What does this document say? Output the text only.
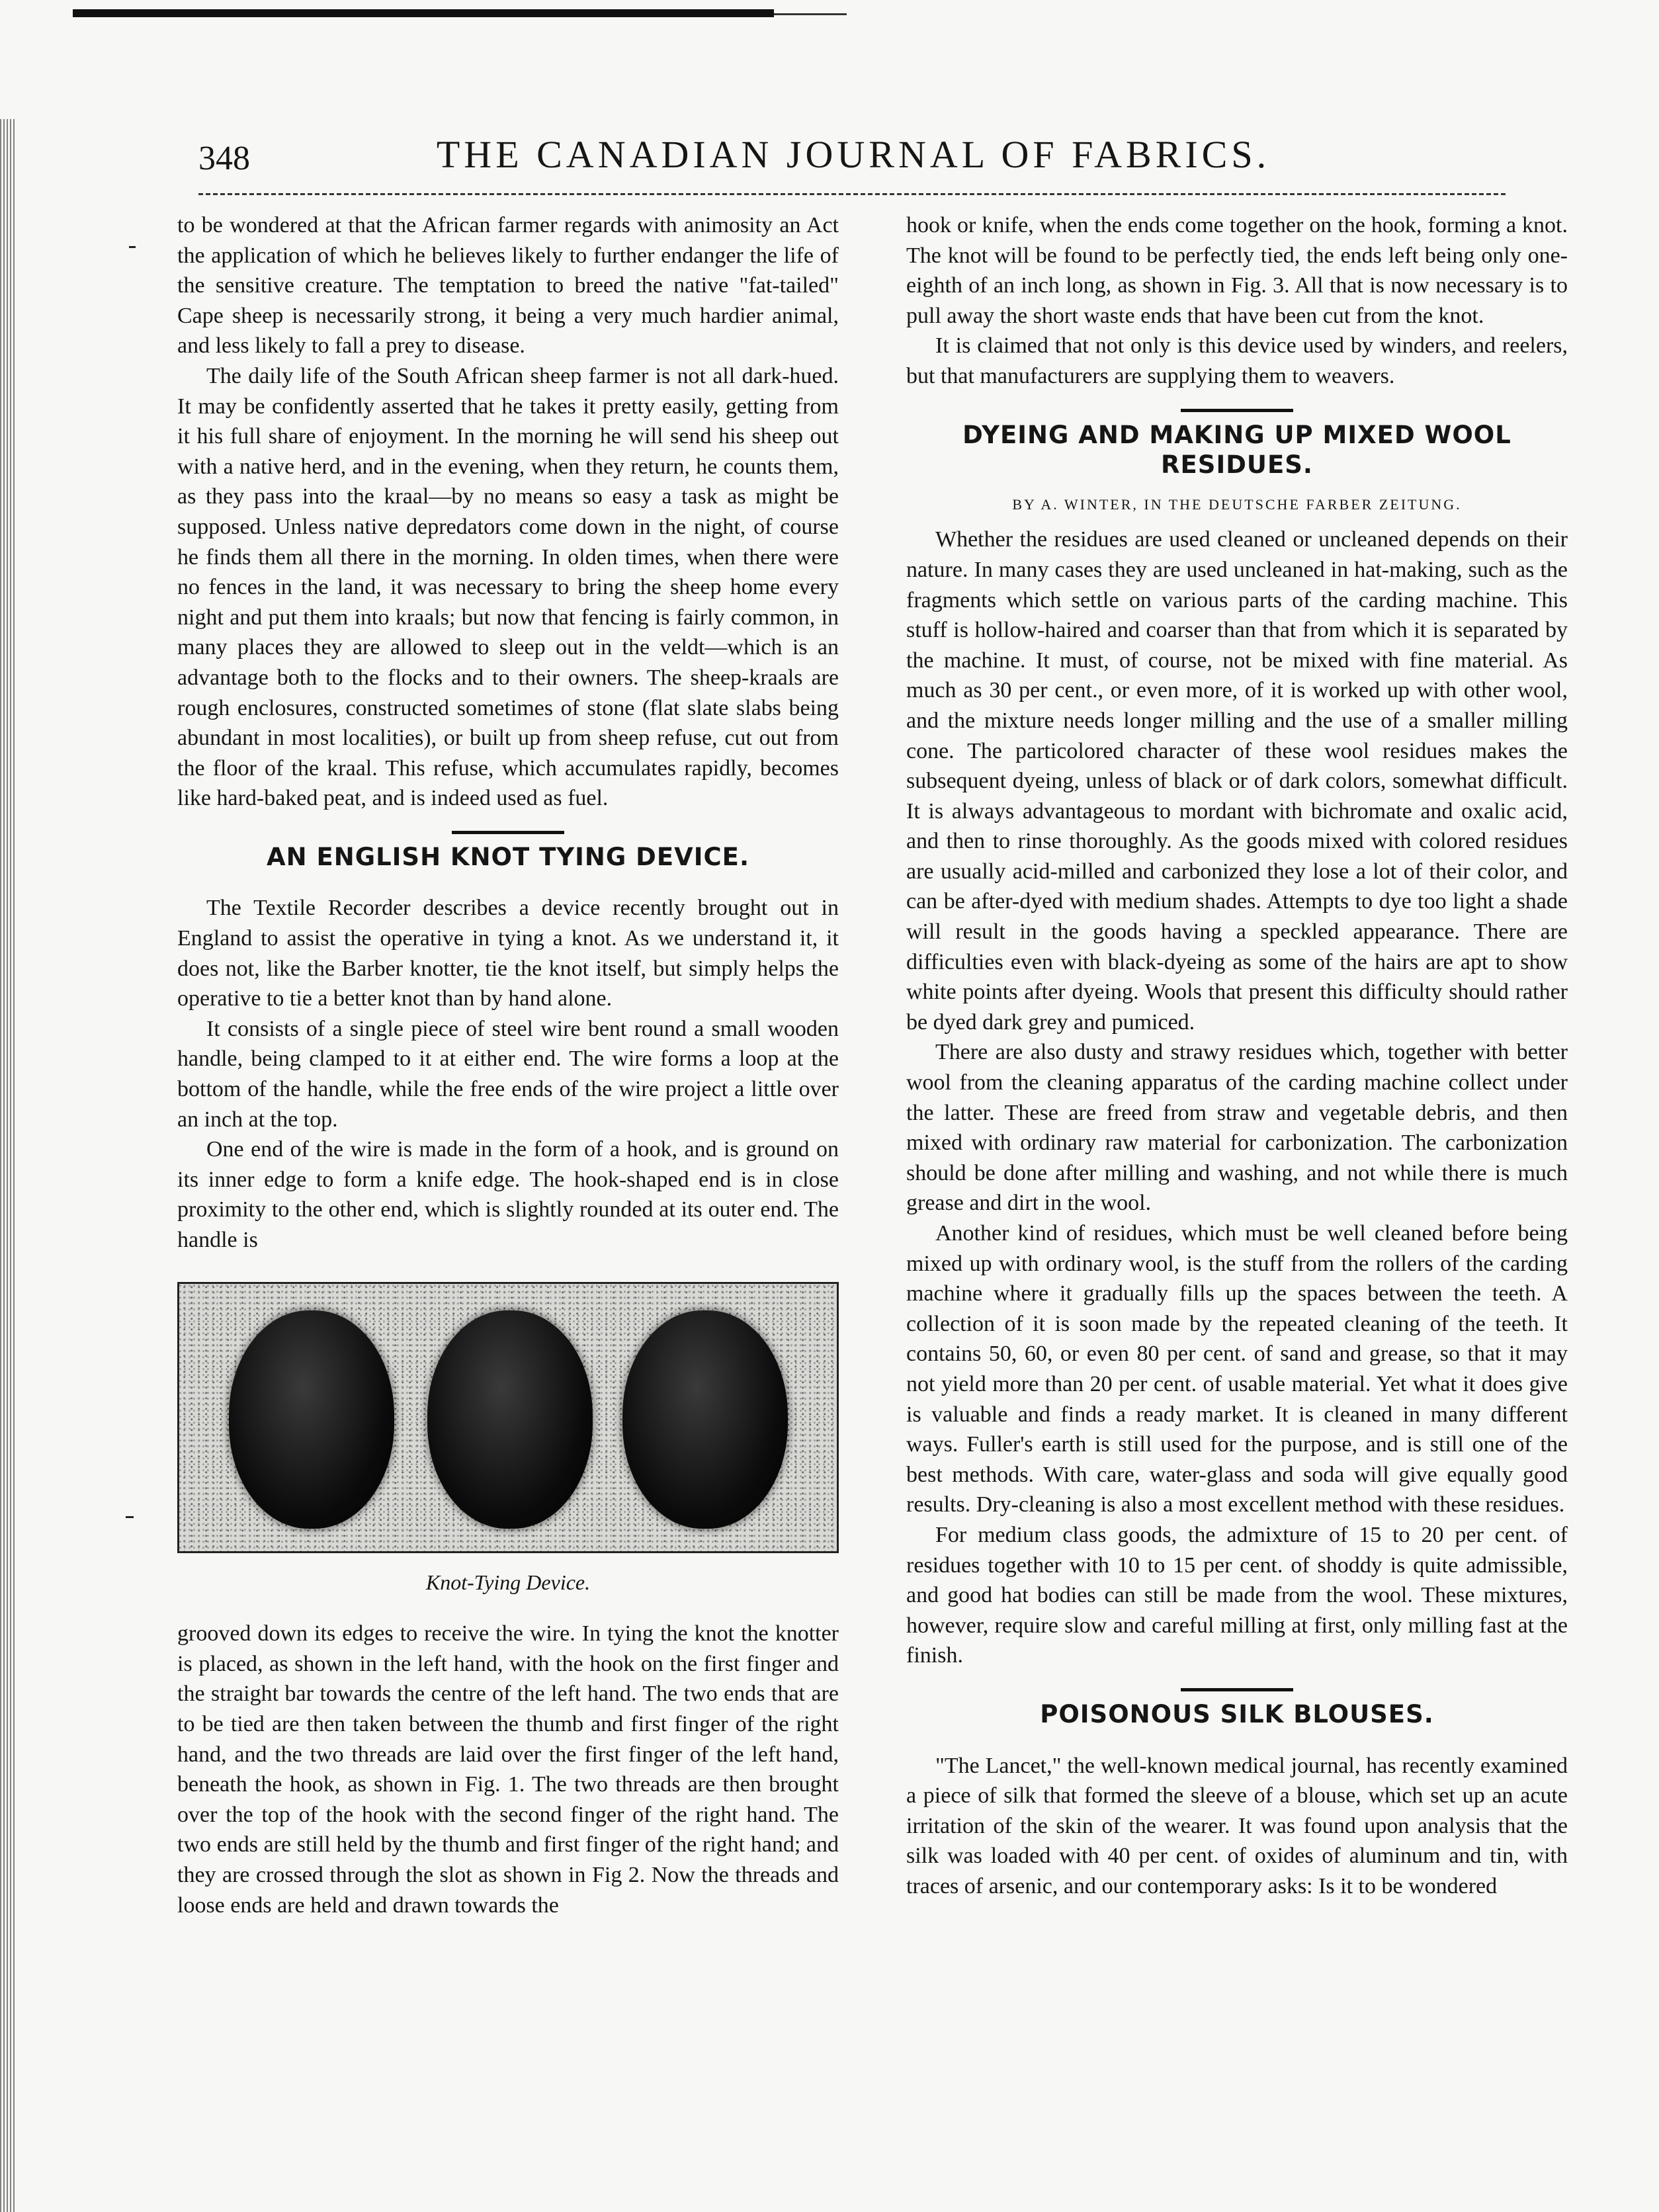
348	THE CANADIAN JOURNAL OF FABRICS.

to be wondered at that the African farmer regards with animosity an Act the application of which he believes likely to further endanger the life of the sensitive creature. The temptation to breed the native "fat-tailed" Cape sheep is necessarily strong, it being a very much hardier animal, and less likely to fall a prey to disease.

The daily life of the South African sheep farmer is not all dark-hued. It may be confidently asserted that he takes it pretty easily, getting from it his full share of enjoyment. In the morning he will send his sheep out with a native herd, and in the evening, when they return, he counts them, as they pass into the kraal—by no means so easy a task as might be supposed. Unless native depredators come down in the night, of course he finds them all there in the morning. In olden times, when there were no fences in the land, it was necessary to bring the sheep home every night and put them into kraals; but now that fencing is fairly common, in many places they are allowed to sleep out in the veldt—which is an advantage both to the flocks and to their owners. The sheep-kraals are rough enclosures, constructed sometimes of stone (flat slate slabs being abundant in most localities), or built up from sheep refuse, cut out from the floor of the kraal. This refuse, which accumulates rapidly, becomes like hard-baked peat, and is indeed used as fuel.

AN ENGLISH KNOT TYING DEVICE.

The Textile Recorder describes a device recently brought out in England to assist the operative in tying a knot. As we understand it, it does not, like the Barber knotter, tie the knot itself, but simply helps the operative to tie a better knot than by hand alone.

It consists of a single piece of steel wire bent round a small wooden handle, being clamped to it at either end. The wire forms a loop at the bottom of the handle, while the free ends of the wire project a little over an inch at the top.

One end of the wire is made in the form of a hook, and is ground on its inner edge to form a knife edge. The hook-shaped end is in close proximity to the other end, which is slightly rounded at its outer end. The handle is

Knot-Tying Device.

grooved down its edges to receive the wire. In tying the knot the knotter is placed, as shown in the left hand, with the hook on the first finger and the straight bar towards the centre of the left hand. The two ends that are to be tied are then taken between the thumb and first finger of the right hand, and the two threads are laid over the first finger of the left hand, beneath the hook, as shown in Fig. 1. The two threads are then brought over the top of the hook with the second finger of the right hand. The two ends are still held by the thumb and first finger of the right hand; and they are crossed through the slot as shown in Fig 2. Now the threads and loose ends are held and drawn towards the

hook or knife, when the ends come together on the hook, forming a knot. The knot will be found to be perfectly tied, the ends left being only one-eighth of an inch long, as shown in Fig. 3. All that is now necessary is to pull away the short waste ends that have been cut from the knot.

It is claimed that not only is this device used by winders, and reelers, but that manufacturers are supplying them to weavers.

DYEING AND MAKING UP MIXED WOOL RESIDUES.
BY A. WINTER, IN THE DEUTSCHE FARBER ZEITUNG.

Whether the residues are used cleaned or uncleaned depends on their nature. In many cases they are used uncleaned in hat-making, such as the fragments which settle on various parts of the carding machine. This stuff is hollow-haired and coarser than that from which it is separated by the machine. It must, of course, not be mixed with fine material. As much as 30 per cent., or even more, of it is worked up with other wool, and the mixture needs longer milling and the use of a smaller milling cone. The particolored character of these wool residues makes the subsequent dyeing, unless of black or of dark colors, somewhat difficult. It is always advantageous to mordant with bichromate and oxalic acid, and then to rinse thoroughly. As the goods mixed with colored residues are usually acid-milled and carbonized they lose a lot of their color, and can be after-dyed with medium shades. Attempts to dye too light a shade will result in the goods having a speckled appearance. There are difficulties even with black-dyeing as some of the hairs are apt to show white points after dyeing. Wools that present this difficulty should rather be dyed dark grey and pumiced.

There are also dusty and strawy residues which, together with better wool from the cleaning apparatus of the carding machine collect under the latter. These are freed from straw and vegetable debris, and then mixed with ordinary raw material for carbonization. The carbonization should be done after milling and washing, and not while there is much grease and dirt in the wool.

Another kind of residues, which must be well cleaned before being mixed up with ordinary wool, is the stuff from the rollers of the carding machine where it gradually fills up the spaces between the teeth. A collection of it is soon made by the repeated cleaning of the teeth. It contains 50, 60, or even 80 per cent. of sand and grease, so that it may not yield more than 20 per cent. of usable material. Yet what it does give is valuable and finds a ready market. It is cleaned in many different ways. Fuller's earth is still used for the purpose, and is still one of the best methods. With care, water-glass and soda will give equally good results. Dry-cleaning is also a most excellent method with these residues.

For medium class goods, the admixture of 15 to 20 per cent. of residues together with 10 to 15 per cent. of shoddy is quite admissible, and good hat bodies can still be made from the wool. These mixtures, however, require slow and careful milling at first, only milling fast at the finish.

POISONOUS SILK BLOUSES.

"The Lancet," the well-known medical journal, has recently examined a piece of silk that formed the sleeve of a blouse, which set up an acute irritation of the skin of the wearer. It was found upon analysis that the silk was loaded with 40 per cent. of oxides of aluminum and tin, with traces of arsenic, and our contemporary asks: Is it to be wondered
